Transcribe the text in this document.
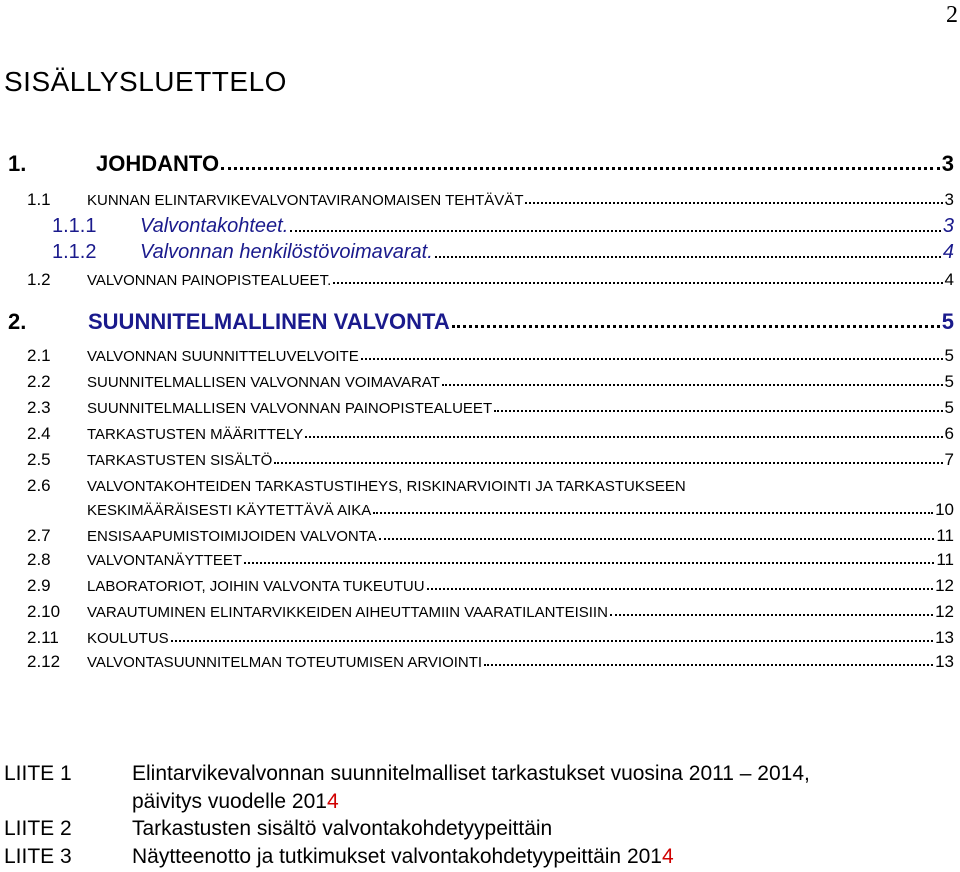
2
SISÄLLYSLUETTELO
1.	JOHDANTO	3
1.1	KUNNAN ELINTARVIKEVALVONTAVIRANOMAISEN TEHTÄVÄT	3
1.1.1	Valvontakohteet.	3
1.1.2	Valvonnan henkilöstövoimavarat.	4
1.2	VALVONNAN PAINOPISTEALUEET.	4
2.	SUUNNITELMALLINEN VALVONTA	5
2.1	VALVONNAN SUUNNITTELUVELVOITE	5
2.2	SUUNNITELMALLISEN VALVONNAN VOIMAVARAT	5
2.3	SUUNNITELMALLISEN VALVONNAN PAINOPISTEALUEET	5
2.4	TARKASTUSTEN MÄÄRITTELY	6
2.5	TARKASTUSTEN SISÄLTÖ	7
2.6 VALVONTAKOHTEIDEN TARKASTUSTIHEYS, RISKINARVIOINTI JA TARKASTUKSEEN
KESKIMÄÄRÄISESTI KÄYTETTÄVÄ AIKA	10
2.7	ENSISAAPUMISTOIMIJOIDEN VALVONTA	11
2.8	VALVONTANÄYTTEET	11
2.9	LABORATORIOT, JOIHIN VALVONTA TUKEUTUU	12
2.10	VARAUTUMINEN ELINTARVIKKEIDEN AIHEUTTAMIIN VAARATILANTEISIIN	12
2.11	KOULUTUS	13
2.12	VALVONTASUUNNITELMAN TOTEUTUMISEN ARVIOINTI	13
LIITE 1	Elintarvikevalvonnan suunnitelmalliset tarkastukset vuosina 2011 – 2014,
päivitys vuodelle 2014
LIITE 2	Tarkastusten sisältö valvontakohdetyypeittäin
LIITE 3	Näytteenotto ja tutkimukset valvontakohdetyypeittäin 2014
